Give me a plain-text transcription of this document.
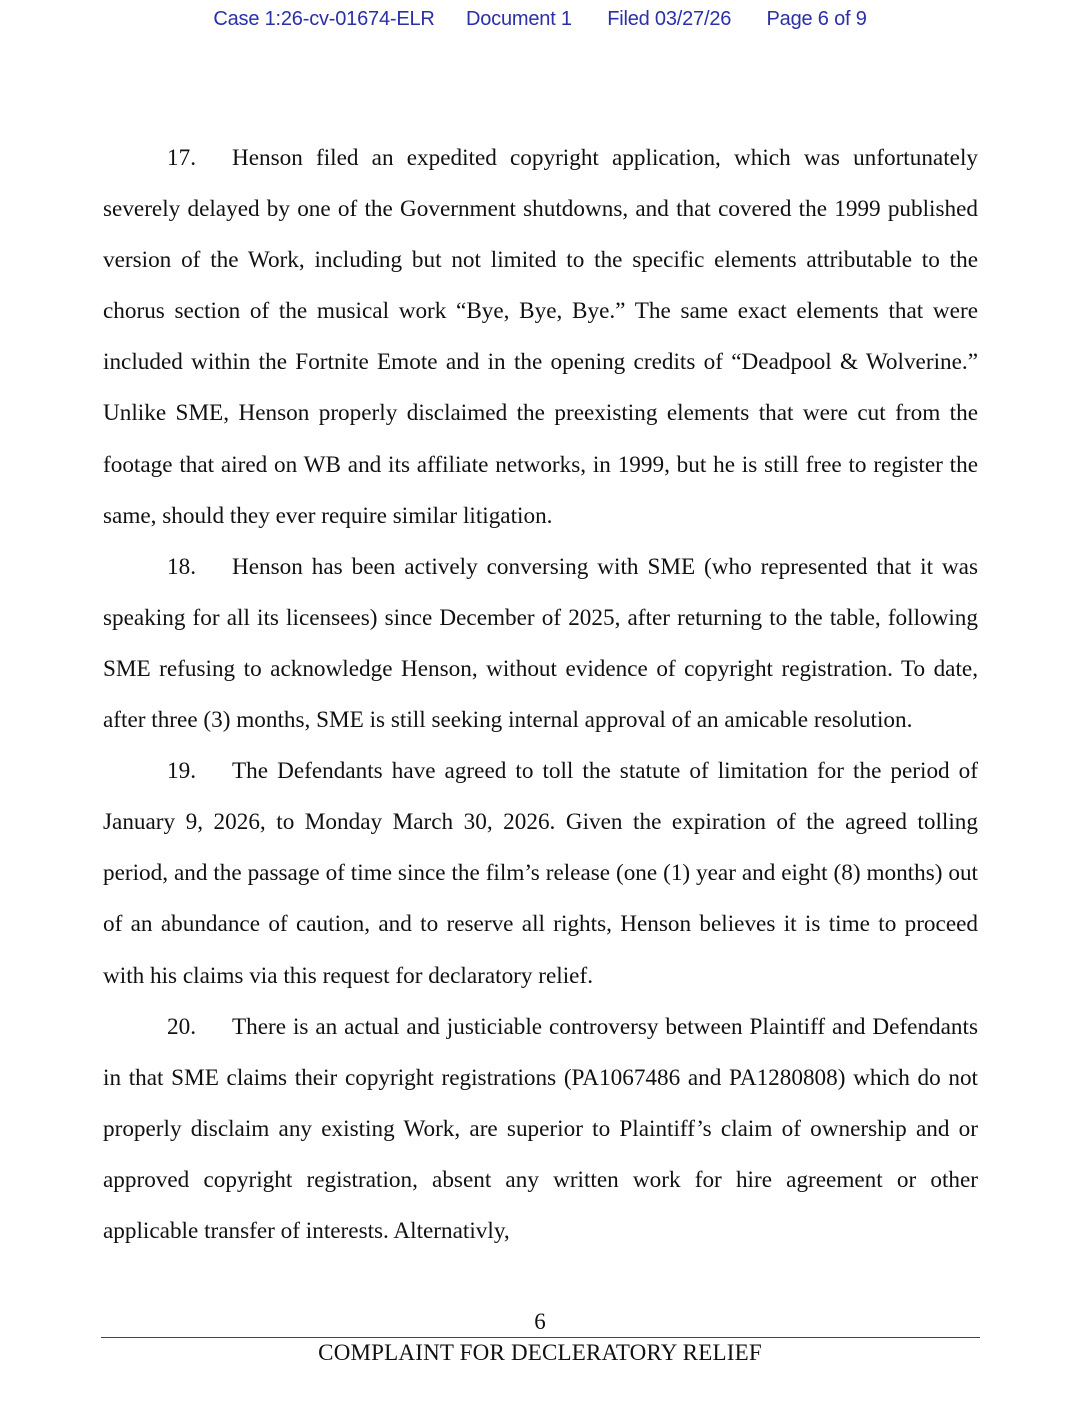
Case 1:26-cv-01674-ELR Document 1 Filed 03/27/26 Page 6 of 9

17. Henson filed an expedited copyright application, which was unfortunately severely delayed by one of the Government shutdowns, and that covered the 1999 published version of the Work, including but not limited to the specific elements attributable to the chorus section of the musical work “Bye, Bye, Bye.” The same exact elements that were included within the Fortnite Emote and in the opening credits of “Deadpool & Wolverine.” Unlike SME, Henson properly disclaimed the preexisting elements that were cut from the footage that aired on WB and its affiliate networks, in 1999, but he is still free to register the same, should they ever require similar litigation.

18. Henson has been actively conversing with SME (who represented that it was speaking for all its licensees) since December of 2025, after returning to the table, following SME refusing to acknowledge Henson, without evidence of copyright registration. To date, after three (3) months, SME is still seeking internal approval of an amicable resolution.

19. The Defendants have agreed to toll the statute of limitation for the period of January 9, 2026, to Monday March 30, 2026. Given the expiration of the agreed tolling period, and the passage of time since the film’s release (one (1) year and eight (8) months) out of an abundance of caution, and to reserve all rights, Henson believes it is time to proceed with his claims via this request for declaratory relief.

20. There is an actual and justiciable controversy between Plaintiff and Defendants in that SME claims their copyright registrations (PA1067486 and PA1280808) which do not properly disclaim any existing Work, are superior to Plaintiff’s claim of ownership and or approved copyright registration, absent any written work for hire agreement or other applicable transfer of interests. Alternativly,

6
COMPLAINT FOR DECLERATORY RELIEF
